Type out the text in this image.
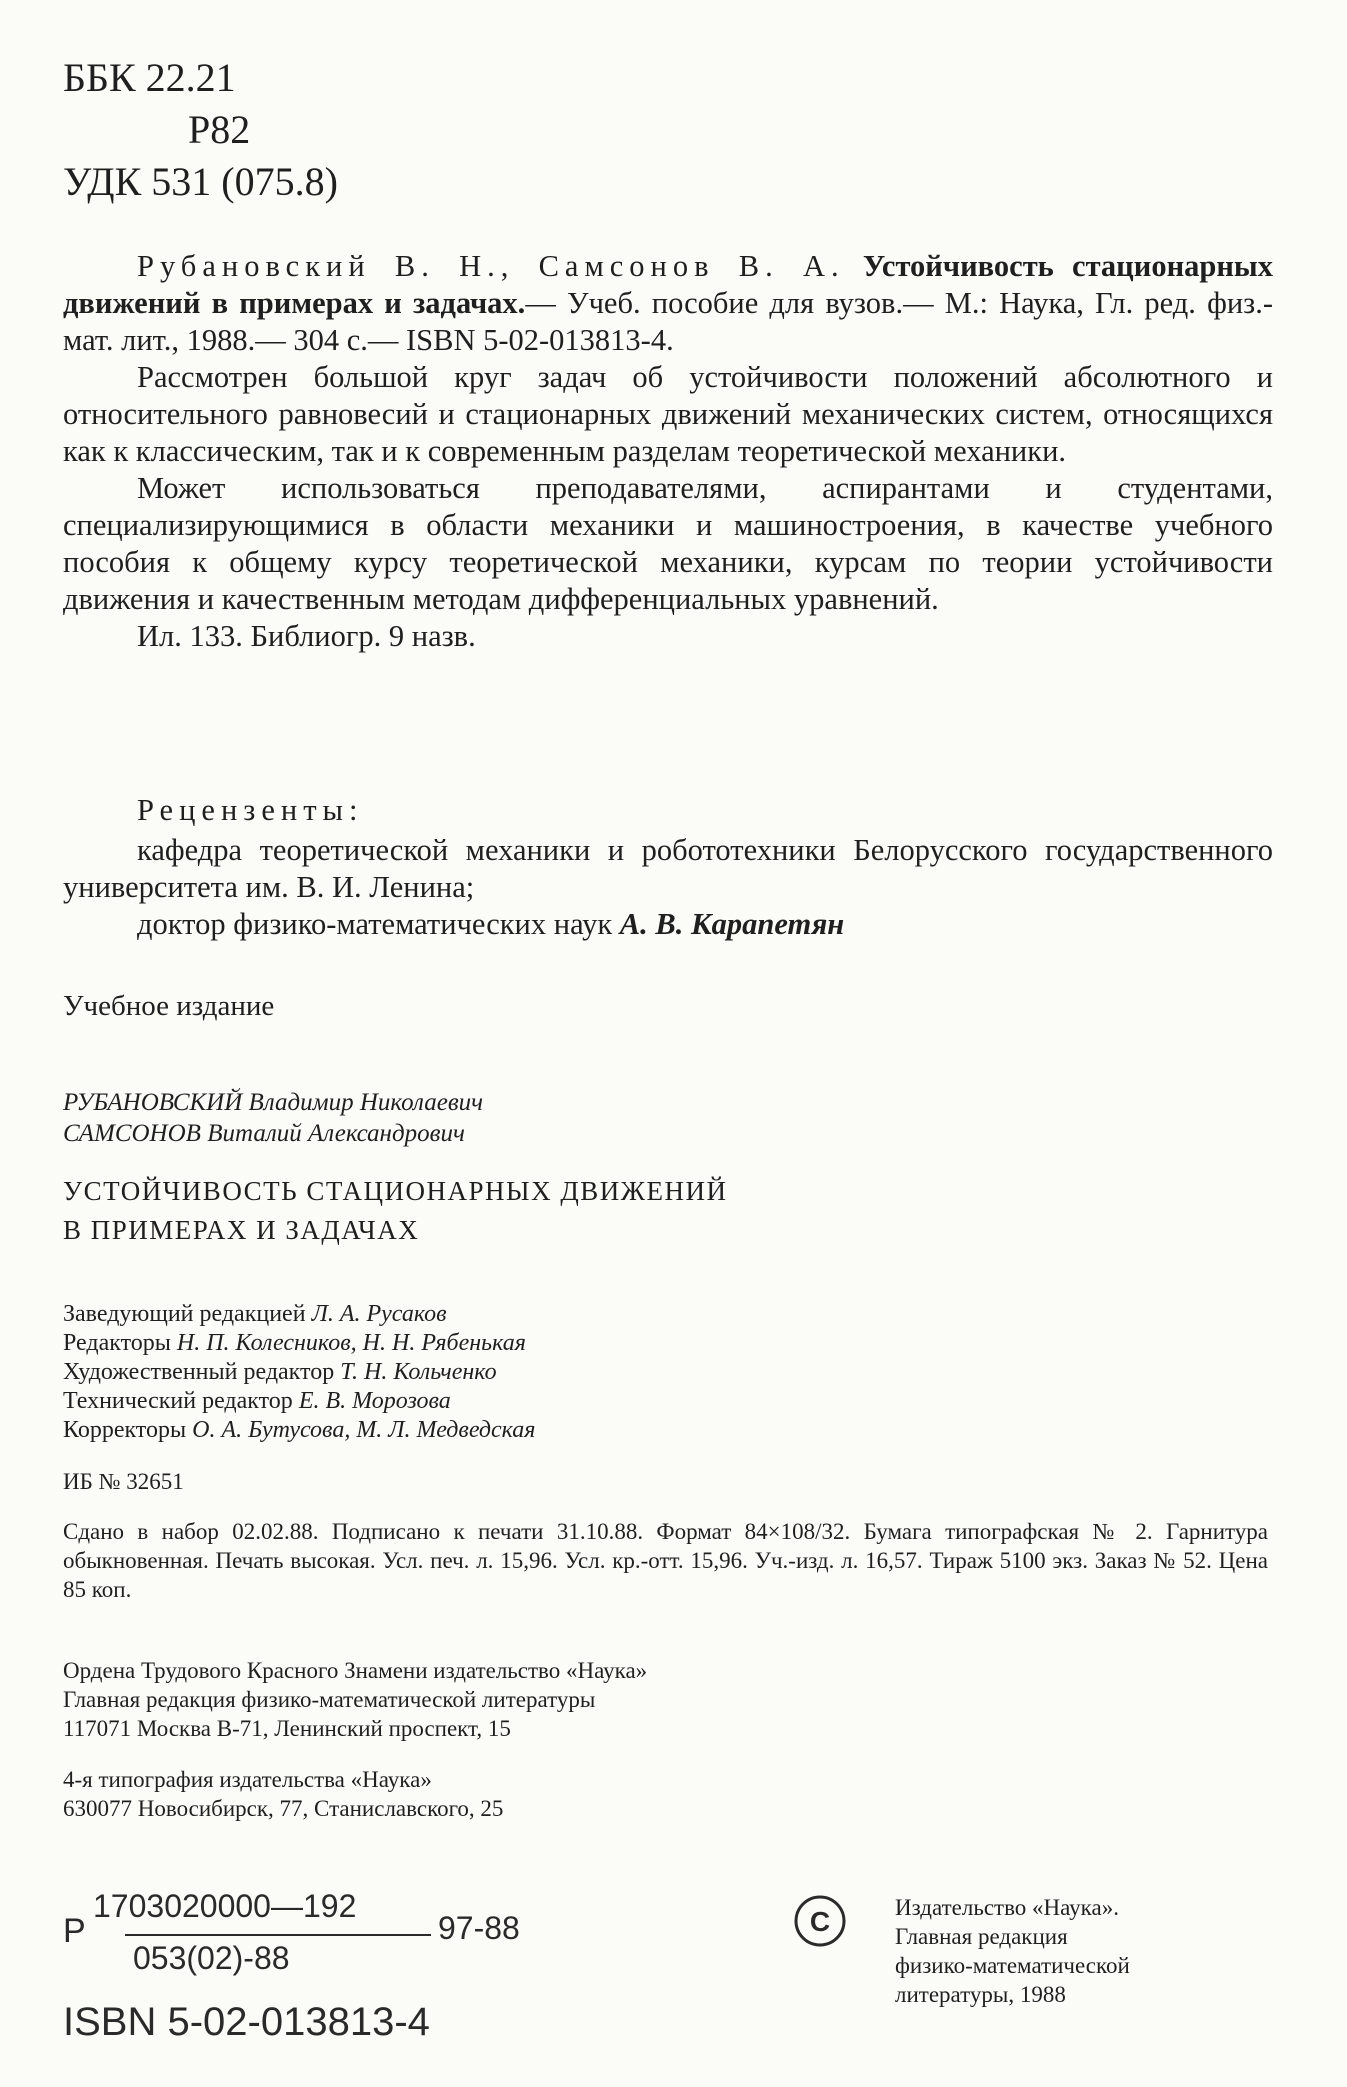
ББК 22.21
Р82
УДК 531 (075.8)

Рубановский В. Н., Самсонов В. А. Устойчивость стационарных движений в примерах и задачах.— Учеб. пособие для вузов.— М.: Наука, Гл. ред. физ.-мат. лит., 1988.— 304 с.— ISBN 5-02-013813-4.

Рассмотрен большой круг задач об устойчивости положений абсолютного и относительного равновесий и стационарных движений механических систем, относящихся как к классическим, так и к современным разделам теоретической механики.

Может использоваться преподавателями, аспирантами и студентами, специализирующимися в области механики и машиностроения, в качестве учебного пособия к общему курсу теоретической механики, курсам по теории устойчивости движения и качественным методам дифференциальных уравнений.

Ил. 133. Библиогр. 9 назв.

Рецензенты:

кафедра теоретической механики и робототехники Белорусского государственного университета им. В. И. Ленина;

доктор физико-математических наук А. В. Карапетян

Учебное издание
РУБАНОВСКИЙ Владимир Николаевич
САМСОНОВ Виталий Александрович
УСТОЙЧИВОСТЬ СТАЦИОНАРНЫХ ДВИЖЕНИЙ
В ПРИМЕРАХ И ЗАДАЧАХ
Заведующий редакцией Л. А. Русаков
Редакторы Н. П. Колесников, Н. Н. Рябенькая
Художественный редактор Т. Н. Кольченко
Технический редактор Е. В. Морозова
Корректоры О. А. Бутусова, М. Л. Медведская
ИБ № 32651

Сдано в набор 02.02.88. Подписано к печати 31.10.88. Формат 84×108/32. Бумага типографская № 2. Гарнитура обыкновенная. Печать высокая. Усл. печ. л. 15,96. Усл. кр.-отт. 15,96. Уч.-изд. л. 16,57. Тираж 5100 экз. Заказ № 52. Цена 85 коп.

Ордена Трудового Красного Знамени издательство «Наука»
Главная редакция физико-математической литературы
117071 Москва В-71, Ленинский проспект, 15
4-я типография издательства «Наука»
630077 Новосибирск, 77, Станиславского, 25
Р
1703020000—192
053(02)-88
97-88	C	Издательство «Наука».
Главная редакция
физико-математической
литературы, 1988
ISBN 5-02-013813-4
